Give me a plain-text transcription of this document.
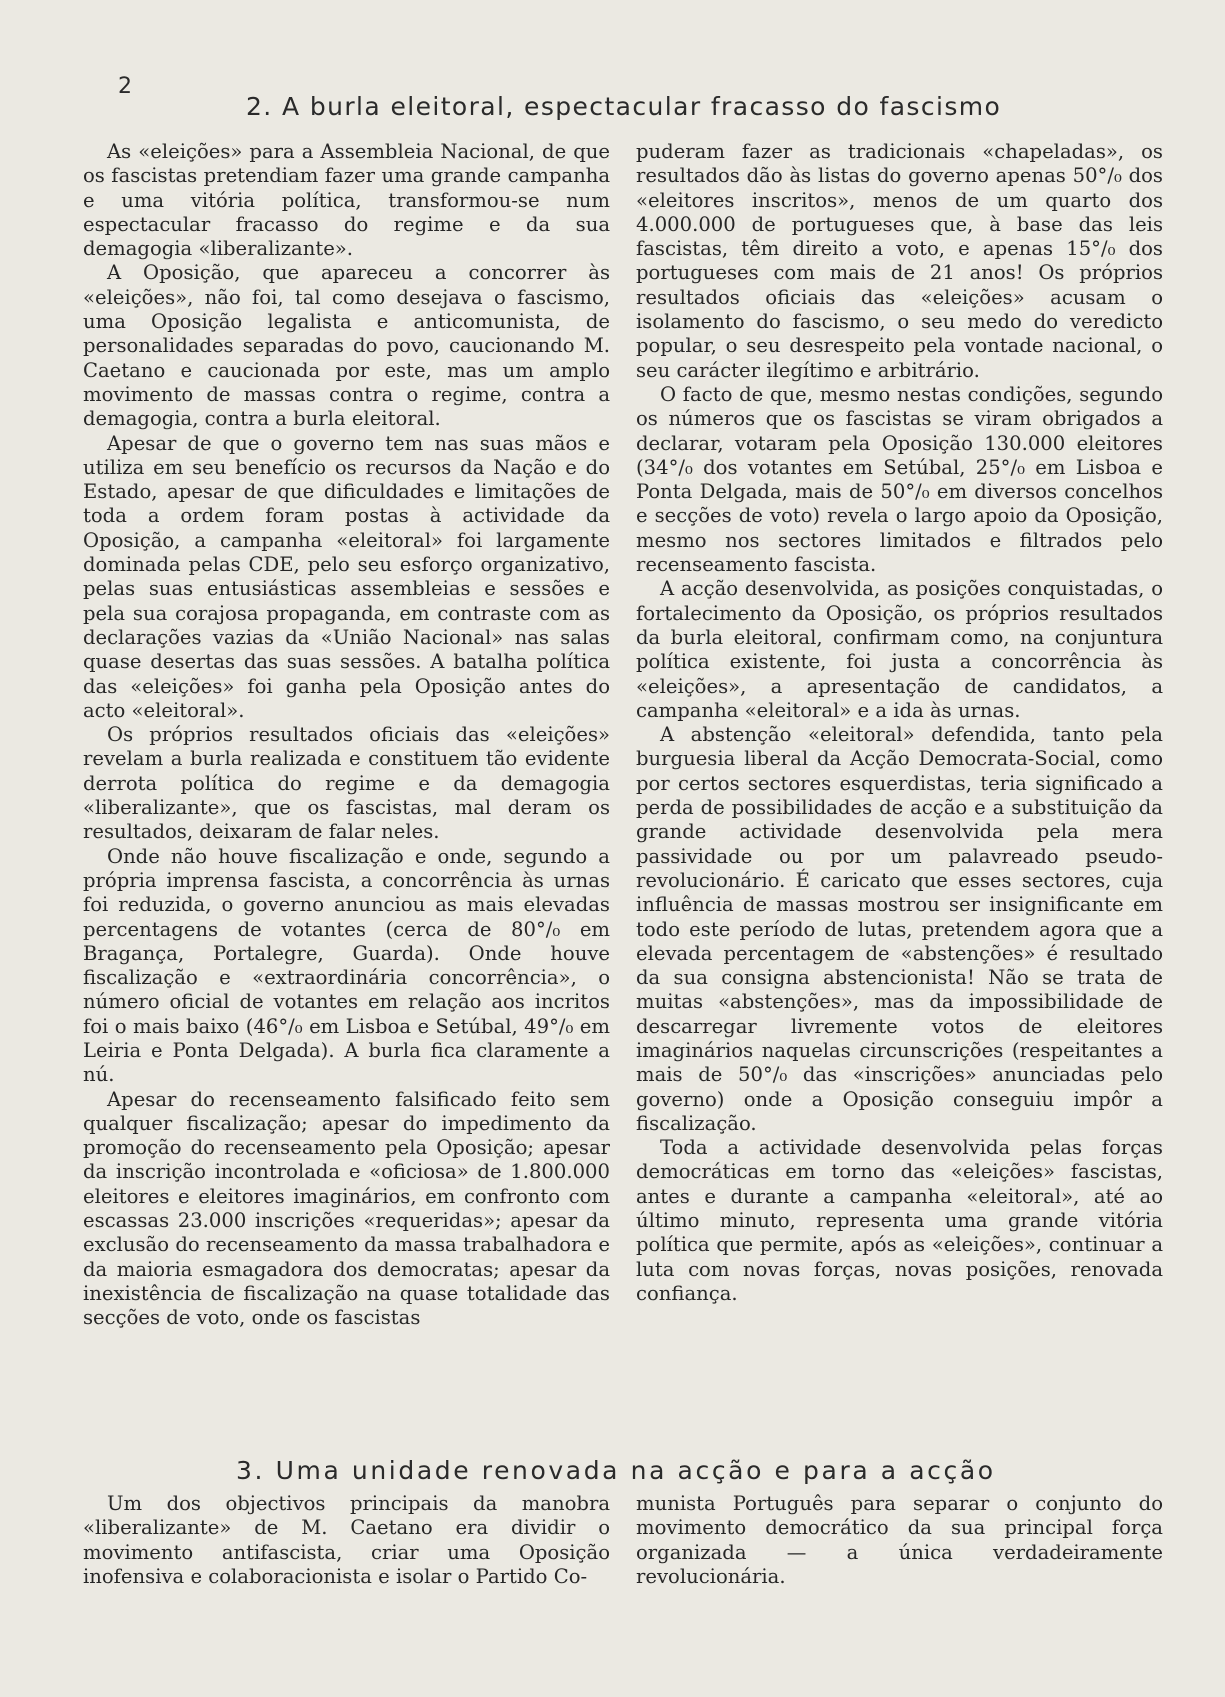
2
2. A burla eleitoral, espectacular fracasso do fascismo

As «eleições» para a Assembleia Nacional, de que os fascistas pretendiam fazer uma grande campanha e uma vitória política, transformou-se num espectacular fracasso do regime e da sua demagogia «liberalizante».

A Oposição, que apareceu a concorrer às «eleições», não foi, tal como desejava o fascismo, uma Oposição legalista e anticomunista, de personalidades separadas do povo, caucionando M. Caetano e caucionada por este, mas um amplo movimento de massas contra o regime, contra a demagogia, contra a burla eleitoral.

Apesar de que o governo tem nas suas mãos e utiliza em seu benefício os recursos da Nação e do Estado, apesar de que dificuldades e limitações de toda a ordem foram postas à actividade da Oposição, a campanha «eleitoral» foi largamente dominada pelas CDE, pelo seu esforço organizativo, pelas suas entusiásticas assembleias e sessões e pela sua corajosa propaganda, em contraste com as declarações vazias da «União Nacional» nas salas quase desertas das suas sessões. A batalha política das «eleições» foi ganha pela Oposição antes do acto «eleitoral».

Os próprios resultados oficiais das «eleições» revelam a burla realizada e constituem tão evidente derrota política do regime e da demagogia «liberalizante», que os fascistas, mal deram os resultados, deixaram de falar neles.

Onde não houve fiscalização e onde, segundo a própria imprensa fascista, a concorrência às urnas foi reduzida, o governo anunciou as mais elevadas percentagens de votantes (cerca de 80°/₀ em Bragança, Portalegre, Guarda). Onde houve fiscalização e «extraordinária concorrência», o número oficial de votantes em relação aos incritos foi o mais baixo (46°/₀ em Lisboa e Setúbal, 49°/₀ em Leiria e Ponta Delgada). A burla fica claramente a nú.

Apesar do recenseamento falsificado feito sem qualquer fiscalização; apesar do impedimento da promoção do recenseamento pela Oposição; apesar da inscrição incontrolada e «oficiosa» de 1.800.000 eleitores e eleitores imaginários, em confronto com escassas 23.000 inscrições «requeridas»; apesar da exclusão do recenseamento da massa trabalhadora e da maioria esmagadora dos democratas; apesar da inexistência de fiscalização na quase totalidade das secções de voto, onde os fascistas

puderam fazer as tradicionais «chapeladas», os resultados dão às listas do governo apenas 50°/₀ dos «eleitores inscritos», menos de um quarto dos 4.000.000 de portugueses que, à base das leis fascistas, têm direito a voto, e apenas 15°/₀ dos portugueses com mais de 21 anos! Os próprios resultados oficiais das «eleições» acusam o isolamento do fascismo, o seu medo do veredicto popular, o seu desrespeito pela vontade nacional, o seu carácter ilegítimo e arbitrário.

O facto de que, mesmo nestas condições, segundo os números que os fascistas se viram obrigados a declarar, votaram pela Oposição 130.000 eleitores (34°/₀ dos votantes em Setúbal, 25°/₀ em Lisboa e Ponta Delgada, mais de 50°/₀ em diversos concelhos e secções de voto) revela o largo apoio da Oposição, mesmo nos sectores limitados e filtrados pelo recenseamento fascista.

A acção desenvolvida, as posições conquistadas, o fortalecimento da Oposição, os próprios resultados da burla eleitoral, confirmam como, na conjuntura política existente, foi justa a concorrência às «eleições», a apresentação de candidatos, a campanha «eleitoral» e a ida às urnas.

A abstenção «eleitoral» defendida, tanto pela burguesia liberal da Acção Democrata-Social, como por certos sectores esquerdistas, teria significado a perda de possibilidades de acção e a substituição da grande actividade desenvolvida pela mera passividade ou por um palavreado pseudo-revolucionário. É caricato que esses sectores, cuja influência de massas mostrou ser insignificante em todo este período de lutas, pretendem agora que a elevada percentagem de «abstenções» é resultado da sua consigna abstencionista! Não se trata de muitas «abstenções», mas da impossibilidade de descarregar livremente votos de eleitores imaginários naquelas circunscrições (respeitantes a mais de 50°/₀ das «inscrições» anunciadas pelo governo) onde a Oposição conseguiu impôr a fiscalização.

Toda a actividade desenvolvida pelas forças democráticas em torno das «eleições» fascistas, antes e durante a campanha «eleitoral», até ao último minuto, representa uma grande vitória política que permite, após as «eleições», continuar a luta com novas forças, novas posições, renovada confiança.

3. Uma unidade renovada na acção e para a acção

Um dos objectivos principais da manobra «liberalizante» de M. Caetano era dividir o movimento antifascista, criar uma Oposição inofensiva e colaboracionista e isolar o Partido Co-

munista Português para separar o conjunto do movimento democrático da sua principal força organizada — a única verdadeiramente revolucionária.
